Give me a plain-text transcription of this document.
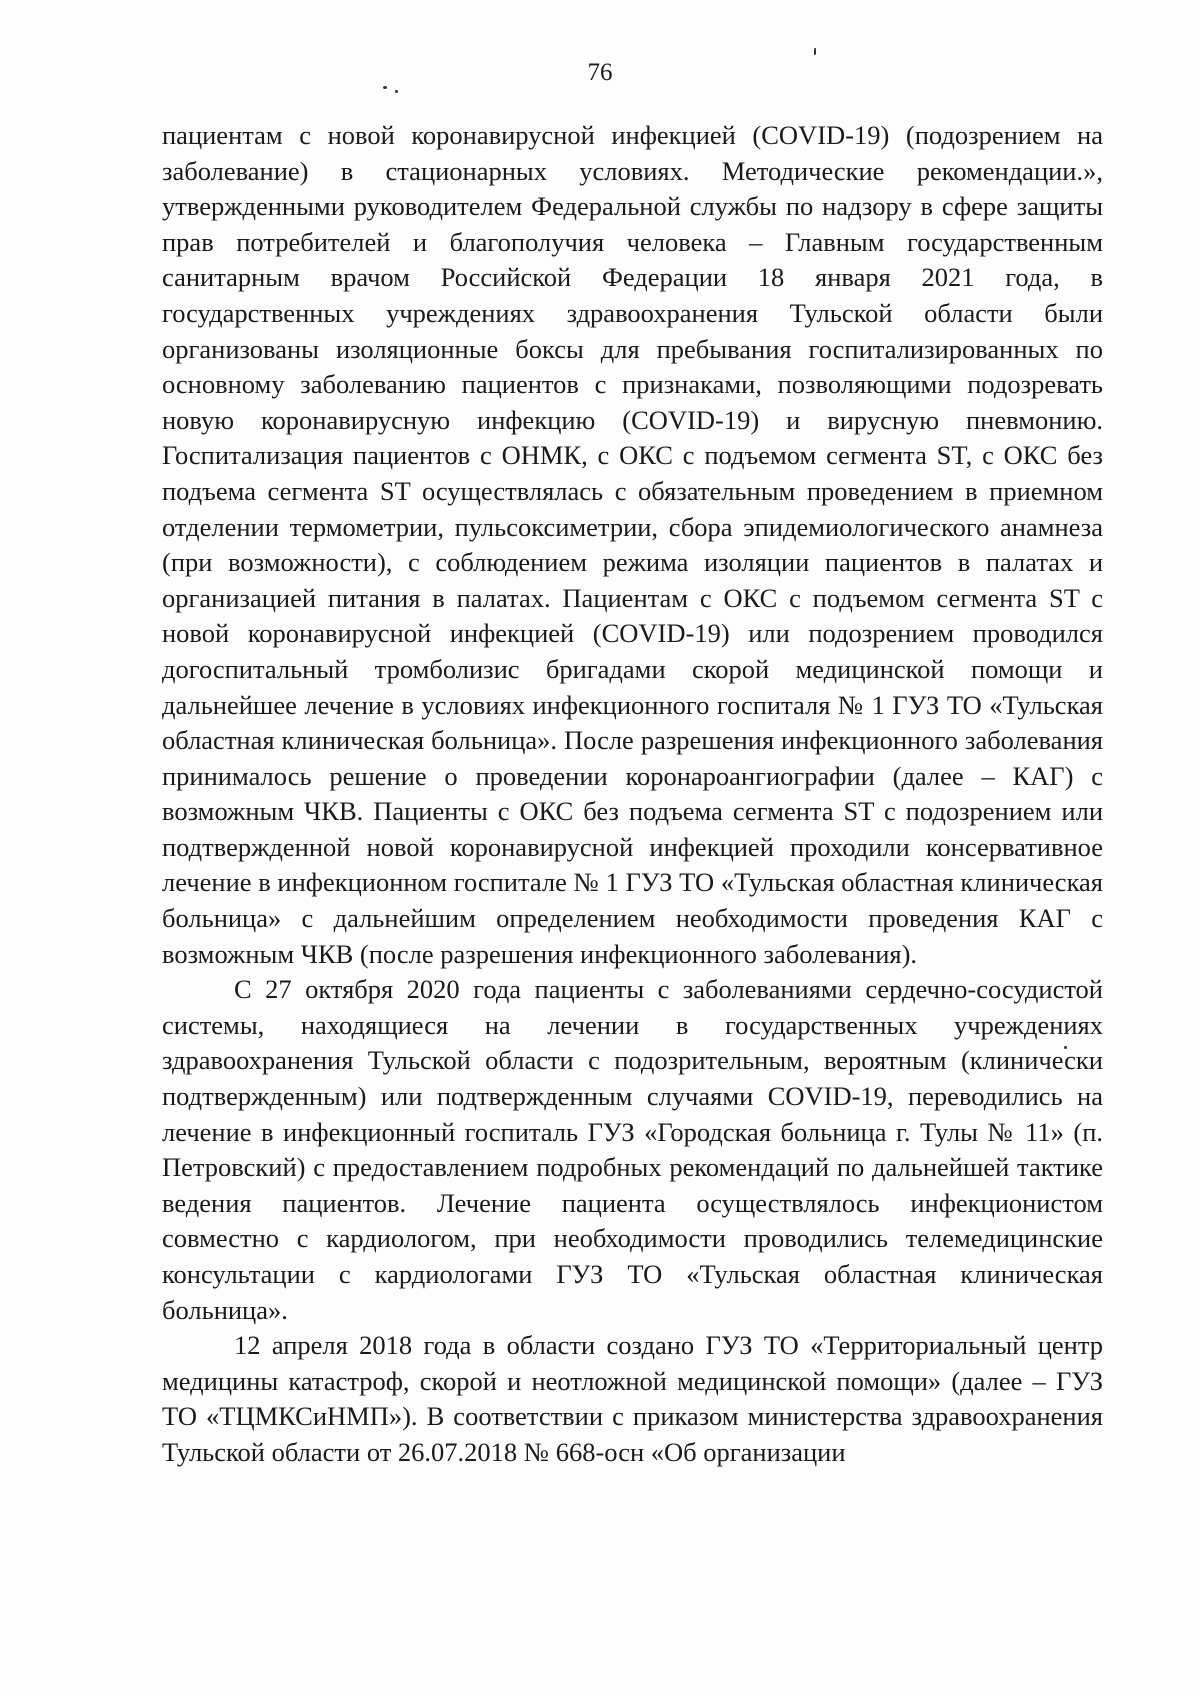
76

пациентам с новой коронавирусной инфекцией (COVID-19) (подозрением на заболевание) в стационарных условиях. Методические рекомендации.», утвержденными руководителем Федеральной службы по надзору в сфере защиты прав потребителей и благополучия человека – Главным государственным санитарным врачом Российской Федерации 18 января 2021 года, в государственных учреждениях здравоохранения Тульской области были организованы изоляционные боксы для пребывания госпитализированных по основному заболеванию пациентов с признаками, позволяющими подозревать новую коронавирусную инфекцию (COVID-19) и вирусную пневмонию. Госпитализация пациентов с ОНМК, с ОКС с подъемом сегмента ST, с ОКС без подъема сегмента ST осуществлялась с обязательным проведением в приемном отделении термометрии, пульсоксиметрии, сбора эпидемиологического анамнеза (при возможности), с соблюдением режима изоляции пациентов в палатах и организацией питания в палатах. Пациентам с ОКС с подъемом сегмента ST с новой коронавирусной инфекцией (COVID-19) или подозрением проводился догоспитальный тромболизис бригадами скорой медицинской помощи и дальнейшее лечение в условиях инфекционного госпиталя № 1 ГУЗ ТО «Тульская областная клиническая больница». После разрешения инфекционного заболевания принималось решение о проведении коронароангиографии (далее – КАГ) с возможным ЧКВ. Пациенты с ОКС без подъема сегмента ST с подозрением или подтвержденной новой коронавирусной инфекцией проходили консервативное лечение в инфекционном госпитале № 1 ГУЗ ТО «Тульская областная клиническая больница» с дальнейшим определением необходимости проведения КАГ с возможным ЧКВ (после разрешения инфекционного заболевания).

С 27 октября 2020 года пациенты с заболеваниями сердечно-сосудистой системы, находящиеся на лечении в государственных учреждениях здравоохранения Тульской области с подозрительным, вероятным (клинически подтвержденным) или подтвержденным случаями COVID-19, переводились на лечение в инфекционный госпиталь ГУЗ «Городская больница г. Тулы № 11» (п. Петровский) с предоставлением подробных рекомендаций по дальнейшей тактике ведения пациентов. Лечение пациента осуществлялось инфекционистом совместно с кардиологом, при необходимости проводились телемедицинские консультации с кардиологами ГУЗ ТО «Тульская областная клиническая больница».

12 апреля 2018 года в области создано ГУЗ ТО «Территориальный центр медицины катастроф, скорой и неотложной медицинской помощи» (далее – ГУЗ ТО «ТЦМКСиНМП»). В соответствии с приказом министерства здравоохранения Тульской области от 26.07.2018 № 668-осн «Об организации
